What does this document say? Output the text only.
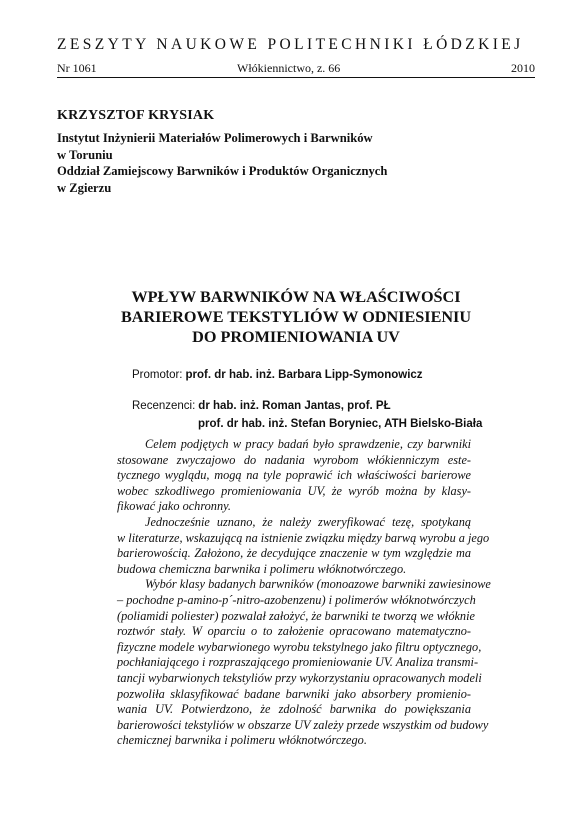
ZESZYTY NAUKOWE POLITECHNIKI ŁÓDZKIEJ
Nr 1061	Włókiennictwo, z. 66	2010
KRZYSZTOF KRYSIAK
Instytut Inżynierii Materiałów Polimerowych i Barwników
w Toruniu
Oddział Zamiejscowy Barwników i Produktów Organicznych
w Zgierzu
WPŁYW BARWNIKÓW NA WŁAŚCIWOŚCI
BARIEROWE TEKSTYLIÓW W ODNIESIENIU
DO PROMIENIOWANIA UV
Promotor: prof. dr hab. inż. Barbara Lipp-Symonowicz
Recenzenci: dr hab. inż. Roman Jantas, prof. PŁ
prof. dr hab. inż. Stefan Boryniec, ATH Bielsko-Biała
Celem podjętych w pracy badań było sprawdzenie, czy barwniki
stosowane zwyczajowo do nadania wyrobom włókienniczym este-
tycznego wyglądu, mogą na tyle poprawić ich właściwości barierowe
wobec szkodliwego promieniowania UV, że wyrób można by klasy-
fikować jako ochronny.
Jednocześnie uznano, że należy zweryfikować tezę, spotykaną
w literaturze, wskazującą na istnienie związku między barwą wyrobu a jego
barierowością. Założono, że decydujące znaczenie w tym względzie ma
budowa chemiczna barwnika i polimeru włóknotwórczego.
Wybór klasy badanych barwników (monoazowe barwniki zawiesinowe
– pochodne p-amino-p´-nitro-azobenzenu) i polimerów włóknotwórczych
(poliamidi poliester) pozwalał założyć, że barwniki te tworzą we włóknie
roztwór stały. W oparciu o to założenie opracowano matematyczno-
fizyczne modele wybarwionego wyrobu tekstylnego jako filtru optycznego,
pochłaniającego i rozpraszającego promieniowanie UV. Analiza transmi-
tancji wybarwionych tekstyliów przy wykorzystaniu opracowanych modeli
pozwoliła sklasyfikować badane barwniki jako absorbery promienio-
wania UV. Potwierdzono, że zdolność barwnika do powiększania
barierowości tekstyliów w obszarze UV zależy przede wszystkim od budowy
chemicznej barwnika i polimeru włóknotwórczego.
